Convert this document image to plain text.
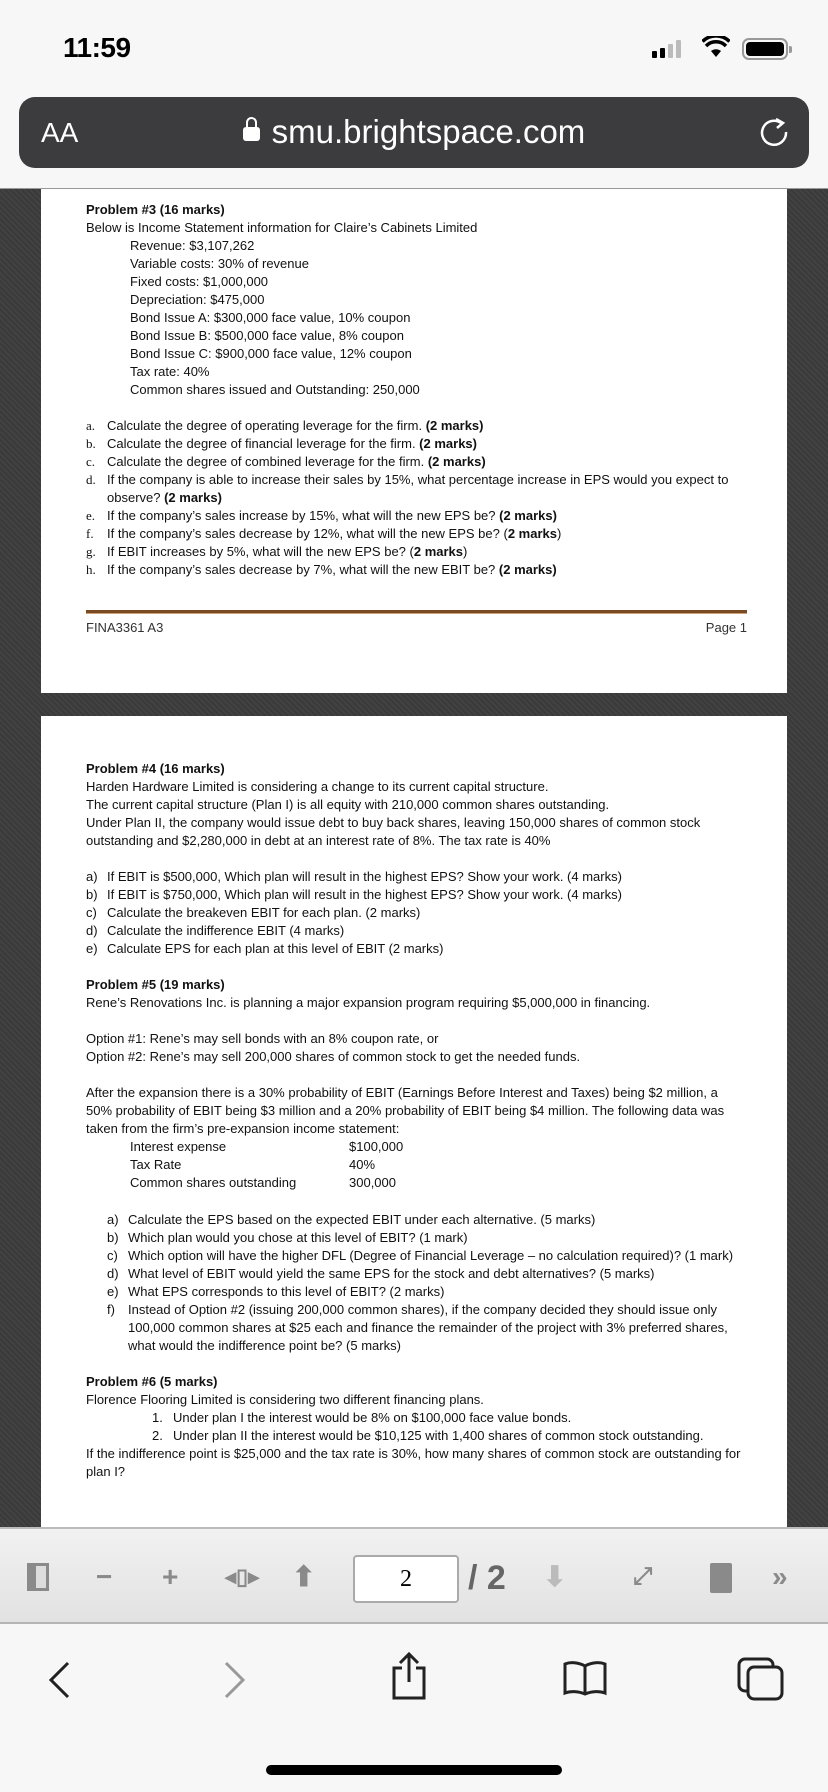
11:59
AA	smu.brightspace.com
Problem #3 (16 marks)
Below is Income Statement information for Claire’s Cabinets Limited
Revenue: $3,107,262
Variable costs: 30% of revenue
Fixed costs: $1,000,000
Depreciation: $475,000
Bond Issue A: $300,000 face value, 10% coupon
Bond Issue B: $500,000 face value, 8% coupon
Bond Issue C: $900,000 face value, 12% coupon
Tax rate: 40%
Common shares issued and Outstanding: 250,000
a. Calculate the degree of operating leverage for the firm. (2 marks)
b. Calculate the degree of financial leverage for the firm. (2 marks)
c. Calculate the degree of combined leverage for the firm. (2 marks)
d. If the company is able to increase their sales by 15%, what percentage increase in EPS would you expect to observe? (2 marks)
e. If the company’s sales increase by 15%, what will the new EPS be? (2 marks)
f.	If the company’s sales decrease by 12%, what will the new EPS be? (2 marks)
g. If EBIT increases by 5%, what will the new EPS be? (2 marks)
h. If the company’s sales decrease by 7%, what will the new EBIT be? (2 marks)
FINA3361 A3	Page 1
Problem #4 (16 marks)
Harden Hardware Limited is considering a change to its current capital structure.
The current capital structure (Plan I) is all equity with 210,000 common shares outstanding.
Under Plan II, the company would issue debt to buy back shares, leaving 150,000 shares of common stock outstanding and $2,280,000 in debt at an interest rate of 8%. The tax rate is 40%
a) If EBIT is $500,000, Which plan will result in the highest EPS? Show your work. (4 marks)
b) If EBIT is $750,000, Which plan will result in the highest EPS? Show your work. (4 marks)
c) Calculate the breakeven EBIT for each plan. (2 marks)
d) Calculate the indifference EBIT (4 marks)
e) Calculate EPS for each plan at this level of EBIT (2 marks)
Problem #5 (19 marks)
Rene’s Renovations Inc. is planning a major expansion program requiring $5,000,000 in financing.
Option #1: Rene’s may sell bonds with an 8% coupon rate, or
Option #2: Rene’s may sell 200,000 shares of common stock to get the needed funds.
After the expansion there is a 30% probability of EBIT (Earnings Before Interest and Taxes) being $2 million, a 50% probability of EBIT being $3 million and a 20% probability of EBIT being $4 million. The following data was taken from the firm’s pre-expansion income statement:
Interest expense	$100,000
Tax Rate	40%
Common shares outstanding	300,000
a) Calculate the EPS based on the expected EBIT under each alternative. (5 marks)
b) Which plan would you chose at this level of EBIT? (1 mark)
c) Which option will have the higher DFL (Degree of Financial Leverage – no calculation required)? (1 mark)
d) What level of EBIT would yield the same EPS for the stock and debt alternatives? (5 marks)
e) What EPS corresponds to this level of EBIT? (2 marks)
f)	Instead of Option #2 (issuing 200,000 common shares), if the company decided they should issue only 100,000 common shares at $25 each and finance the remainder of the project with 3% preferred shares, what would the indifference point be? (5 marks)
Problem #6 (5 marks)
Florence Flooring Limited is considering two different financing plans.
1. Under plan I the interest would be 8% on $100,000 face value bonds.
2. Under plan II the interest would be $10,125 with 1,400 shares of common stock outstanding.
If the indifference point is $25,000 and the tax rate is 30%, how many shares of common stock are outstanding for plan I?
− + ◂▯▸ ⬆	2	/ 2 ⬇	⤢	»
